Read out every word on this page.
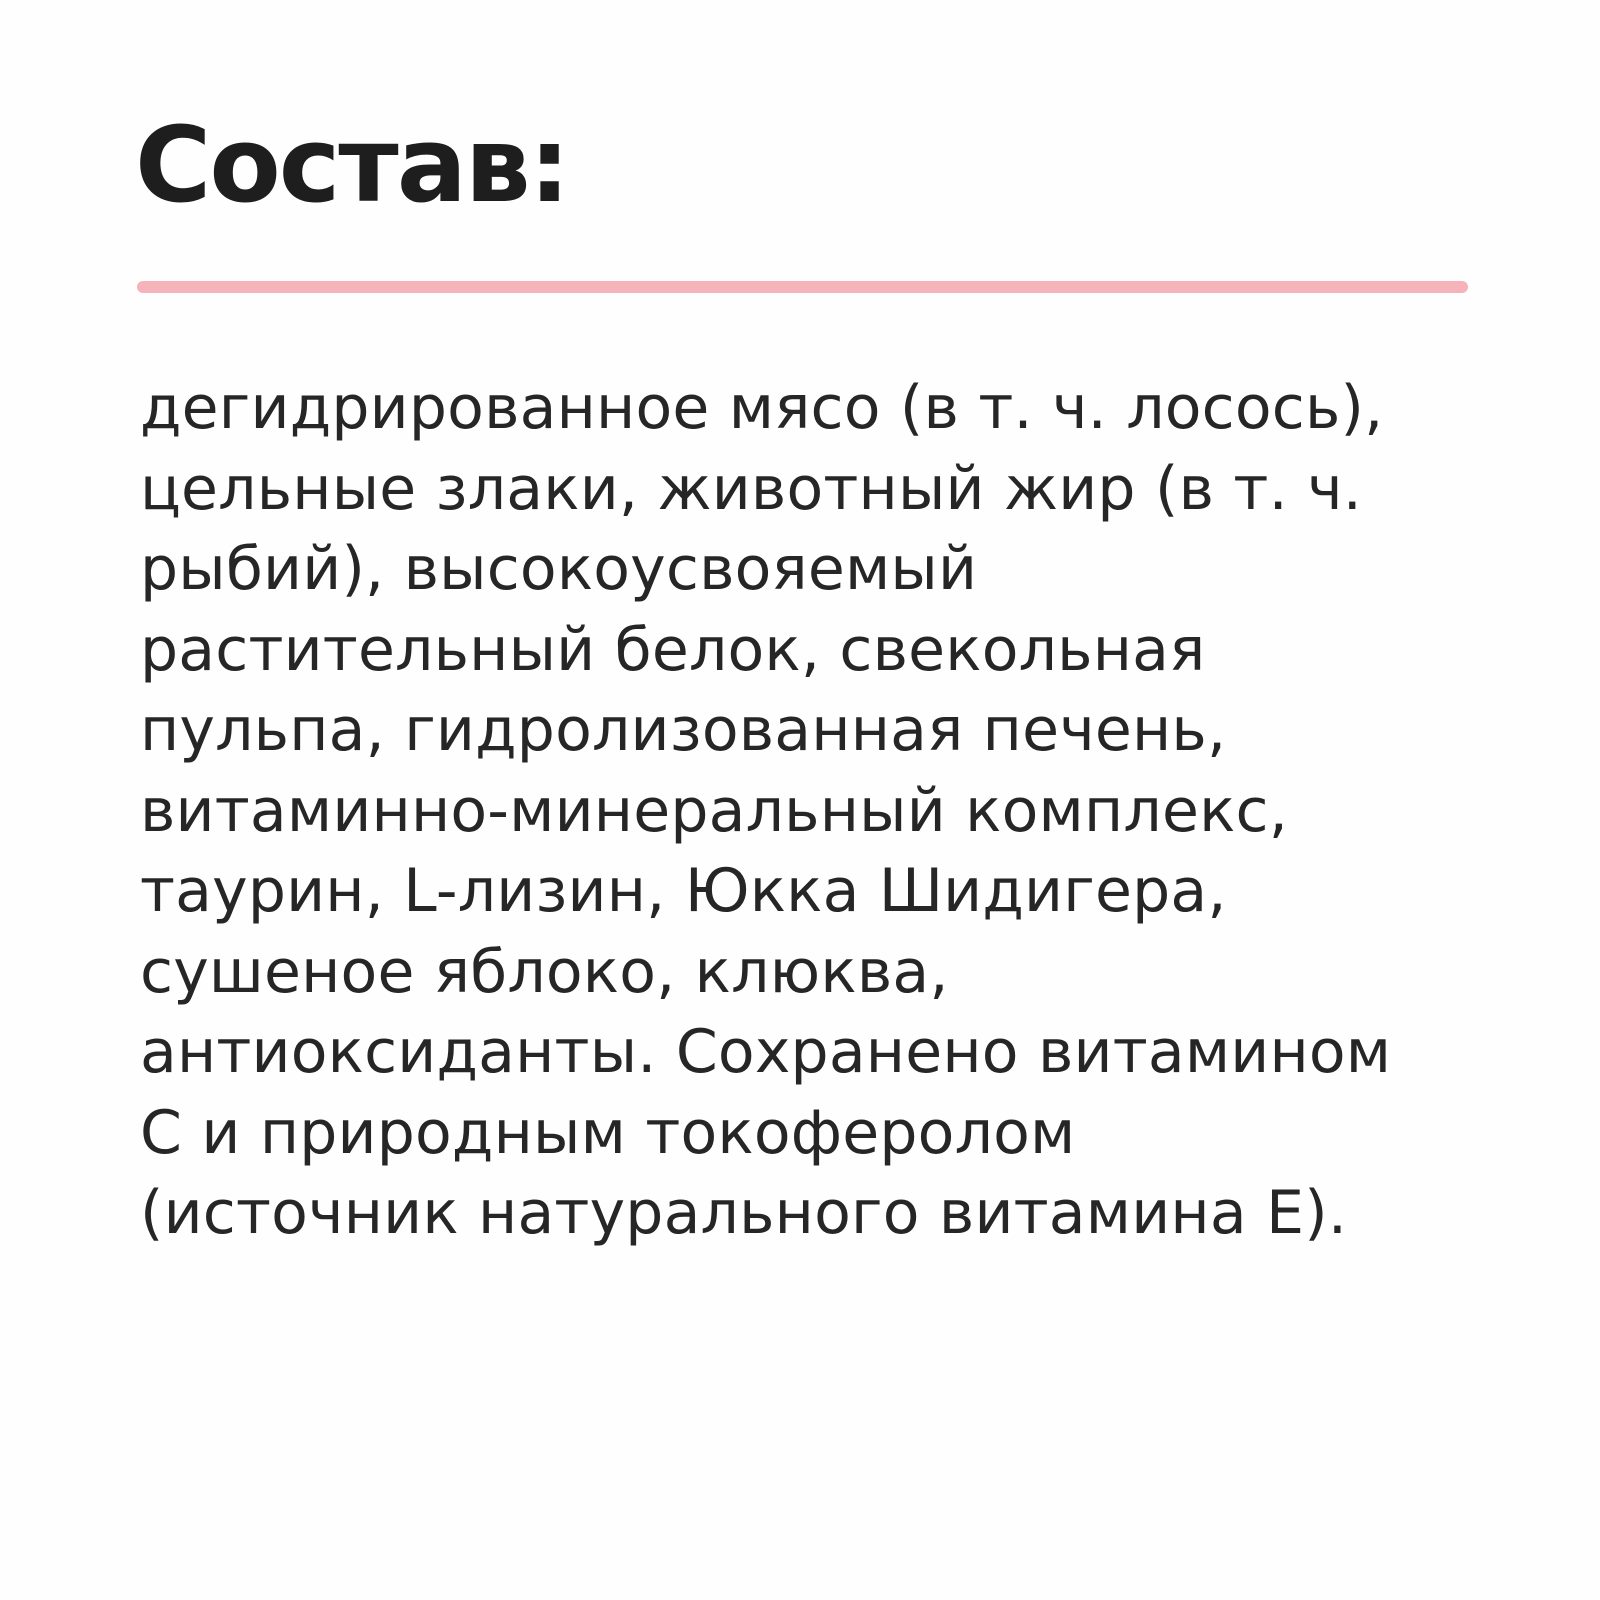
Состав:
дегидрированное мясо (в т. ч. лосось),
цельные злаки, животный жир (в т. ч.
рыбий), высокоусвояемый
растительный белок, свекольная
пульпа, гидролизованная печень,
витаминно-минеральный комплекс,
таурин, L-лизин, Юкка Шидигера,
сушеное яблоко, клюква,
антиоксиданты. Сохранено витамином
С и природным токоферолом
(источник натурального витамина Е).
